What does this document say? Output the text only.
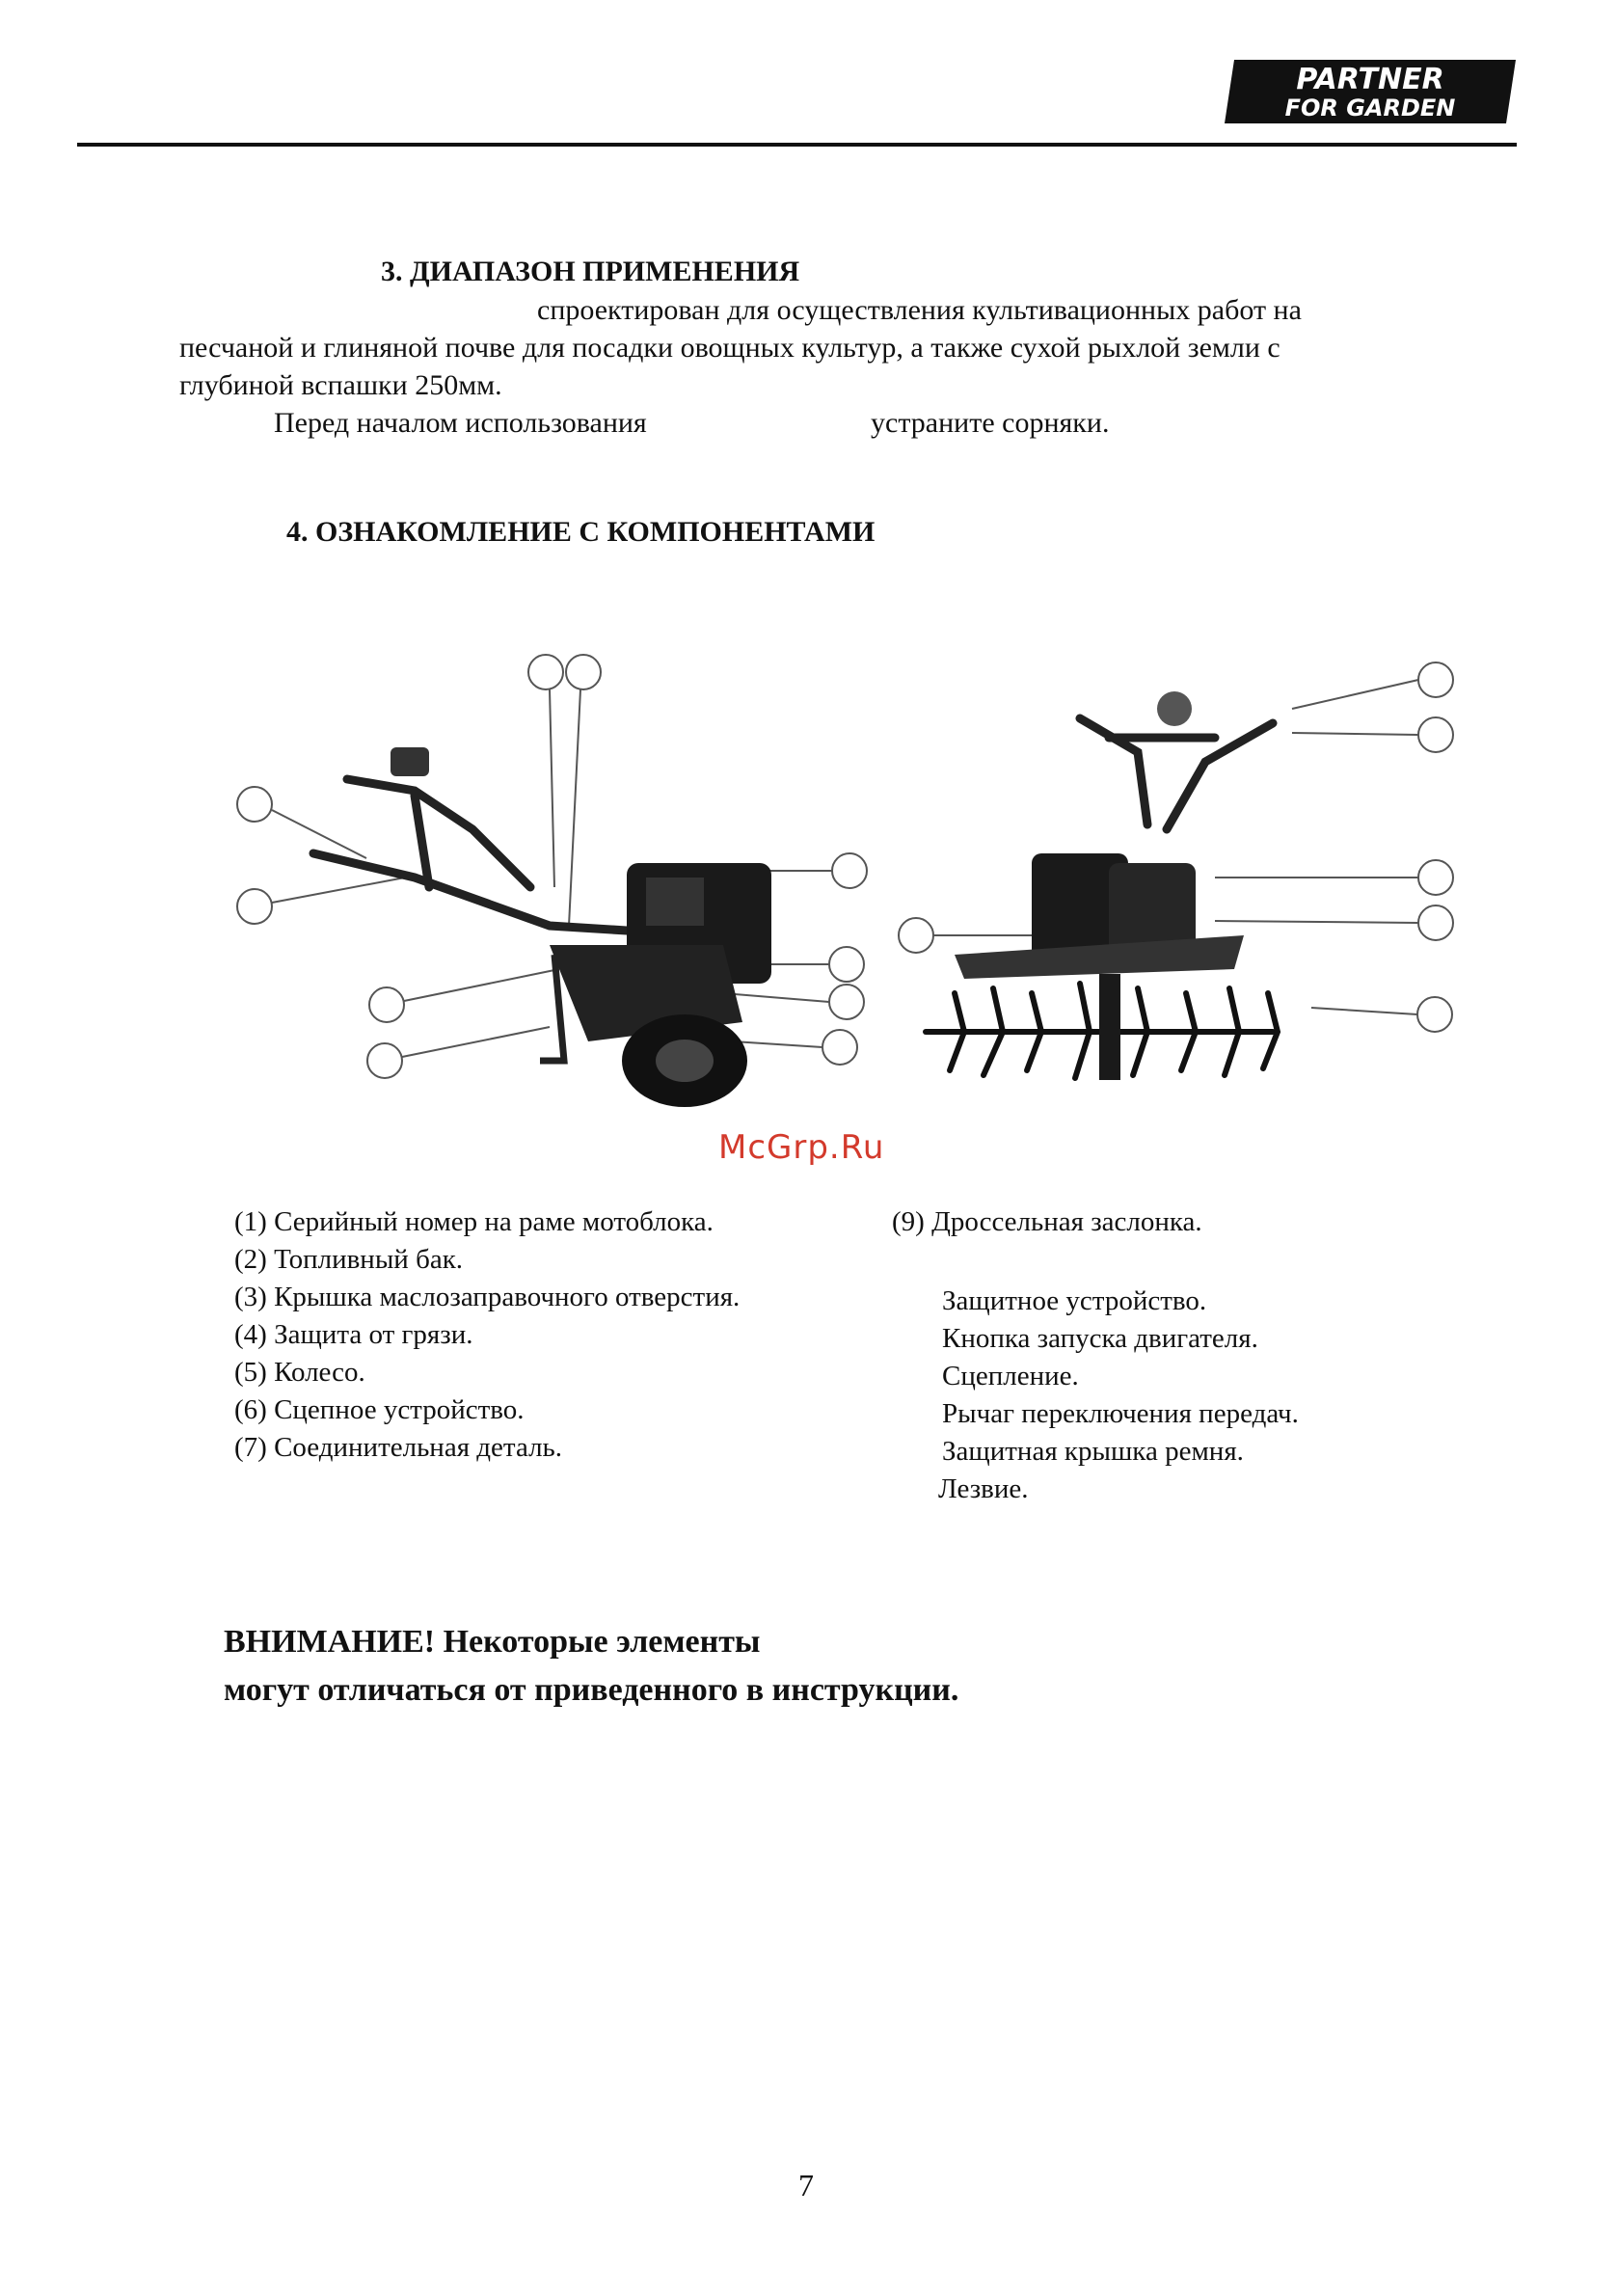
PARTNER
FOR GARDEN
3. ДИАПАЗОН ПРИМЕНЕНИЯ
спроектирован для осуществления культивационных работ на
песчаной и глиняной почве для посадки овощных культур, а также сухой рыхлой земли с
глубиной вспашки 250мм.
Перед началом использования	устраните сорняки.
4. ОЗНАКОМЛЕНИЕ С КОМПОНЕНТАМИ
McGrp.Ru
(1) Серийный номер на раме мотоблока.
(2) Топливный бак.
(3) Крышка маслозаправочного отверстия.
(4) Защита от грязи.
(5) Колесо.
(6) Сцепное устройство.
(7) Соединительная деталь.
(9) Дроссельная заслонка.
Защитное устройство.
Кнопка запуска двигателя.
Сцепление.
Рычаг переключения передач.
Защитная крышка ремня.
Лезвие.
ВНИМАНИЕ! Некоторые элементы
могут отличаться от приведенного в инструкции.
7
